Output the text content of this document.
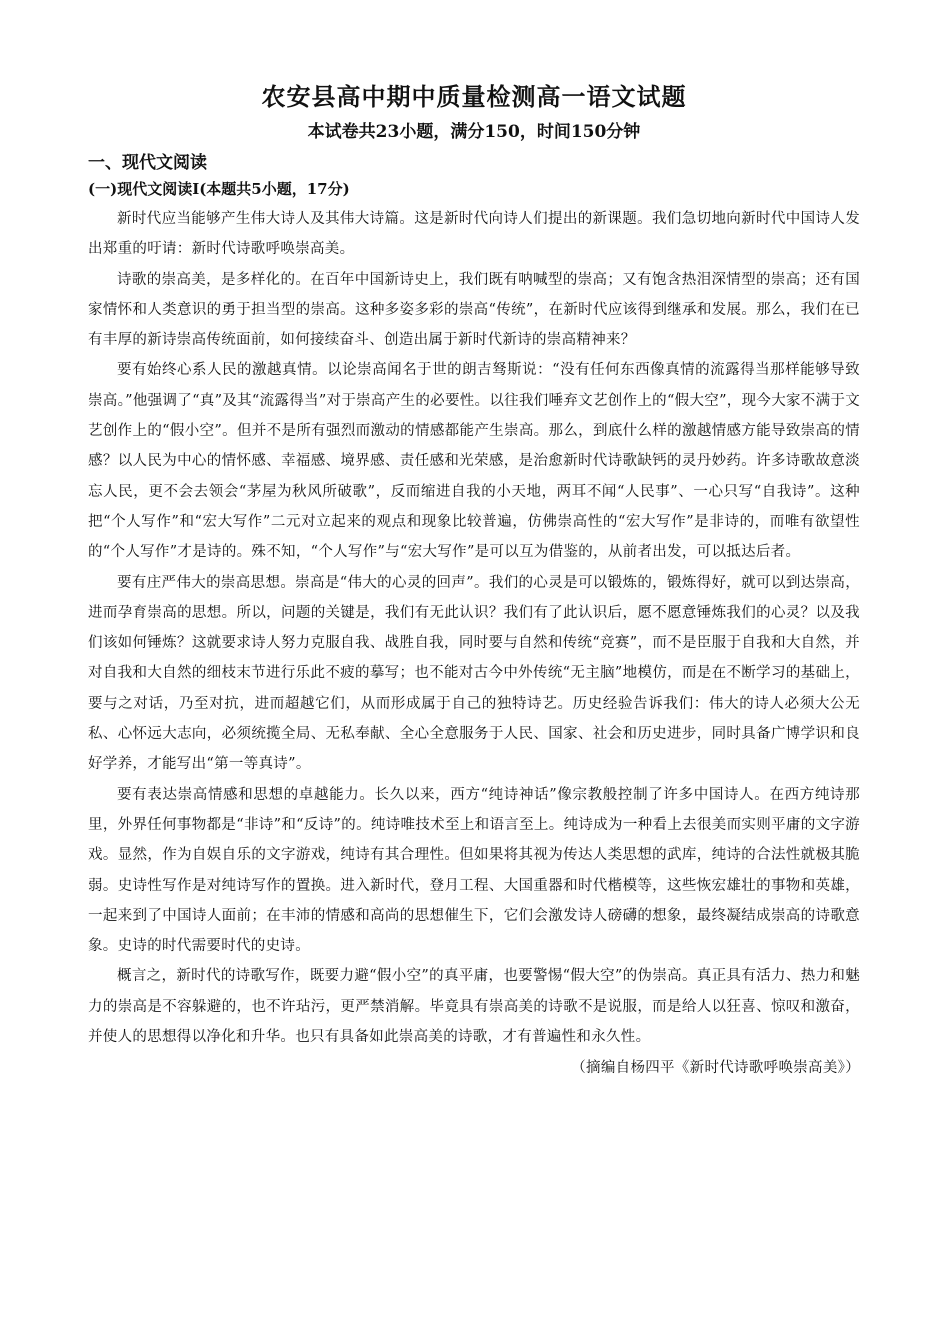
农安县高中期中质量检测高一语文试题
本试卷共23小题，满分150，时间150分钟
一、现代文阅读
(一)现代文阅读Ⅰ(本题共5小题，17分)

新时代应当能够产生伟大诗人及其伟大诗篇。这是新时代向诗人们提出的新课题。我们急切地向新时代中国诗人发出郑重的吁请：新时代诗歌呼唤崇高美。

诗歌的崇高美，是多样化的。在百年中国新诗史上，我们既有呐喊型的崇高；又有饱含热泪深情型的崇高；还有国家情怀和人类意识的勇于担当型的崇高。这种多姿多彩的崇高“传统”，在新时代应该得到继承和发展。那么，我们在已有丰厚的新诗崇高传统面前，如何接续奋斗、创造出属于新时代新诗的崇高精神来？

要有始终心系人民的激越真情。以论崇高闻名于世的朗吉驽斯说：“没有任何东西像真情的流露得当那样能够导致崇高。”他强调了“真”及其“流露得当”对于崇高产生的必要性。以往我们唾弃文艺创作上的“假大空”，现今大家不满于文艺创作上的“假小空”。但并不是所有强烈而激动的情感都能产生崇高。那么，到底什么样的激越情感方能导致崇高的情感？以人民为中心的情怀感、幸福感、境界感、责任感和光荣感，是治愈新时代诗歌缺钙的灵丹妙药。许多诗歌故意淡忘人民，更不会去领会“茅屋为秋风所破歌”，反而缩进自我的小天地，两耳不闻“人民事”、一心只写“自我诗”。这种把“个人写作”和“宏大写作”二元对立起来的观点和现象比较普遍，仿佛崇高性的“宏大写作”是非诗的，而唯有欲望性的“个人写作”才是诗的。殊不知，“个人写作”与“宏大写作”是可以互为借鉴的，从前者出发，可以抵达后者。

要有庄严伟大的崇高思想。崇高是“伟大的心灵的回声”。我们的心灵是可以锻炼的，锻炼得好，就可以到达崇高，进而孕育崇高的思想。所以，问题的关键是，我们有无此认识？我们有了此认识后，愿不愿意锤炼我们的心灵？以及我们该如何锤炼？这就要求诗人努力克服自我、战胜自我，同时要与自然和传统“竞赛”，而不是臣服于自我和大自然，并对自我和大自然的细枝末节进行乐此不疲的摹写；也不能对古今中外传统“无主脑”地模仿，而是在不断学习的基础上，要与之对话，乃至对抗，进而超越它们，从而形成属于自己的独特诗艺。历史经验告诉我们：伟大的诗人必须大公无私、心怀远大志向，必须统揽全局、无私奉献、全心全意服务于人民、国家、社会和历史进步，同时具备广博学识和良好学养，才能写出“第一等真诗”。

要有表达崇高情感和思想的卓越能力。长久以来，西方“纯诗神话”像宗教般控制了许多中国诗人。在西方纯诗那里，外界任何事物都是“非诗”和“反诗”的。纯诗唯技术至上和语言至上。纯诗成为一种看上去很美而实则平庸的文字游戏。显然，作为自娱自乐的文字游戏，纯诗有其合理性。但如果将其视为传达人类思想的武库，纯诗的合法性就极其脆弱。史诗性写作是对纯诗写作的置换。进入新时代，登月工程、大国重器和时代楷模等，这些恢宏雄壮的事物和英雄，一起来到了中国诗人面前；在丰沛的情感和高尚的思想催生下，它们会激发诗人磅礴的想象，最终凝结成崇高的诗歌意象。史诗的时代需要时代的史诗。

概言之，新时代的诗歌写作，既要力避“假小空”的真平庸，也要警惕“假大空”的伪崇高。真正具有活力、热力和魅力的崇高是不容躲避的，也不许玷污，更严禁消解。毕竟具有崇高美的诗歌不是说服，而是给人以狂喜、惊叹和激奋，并使人的思想得以净化和升华。也只有具备如此崇高美的诗歌，才有普遍性和永久性。

（摘编自杨四平《新时代诗歌呼唤崇高美》）
